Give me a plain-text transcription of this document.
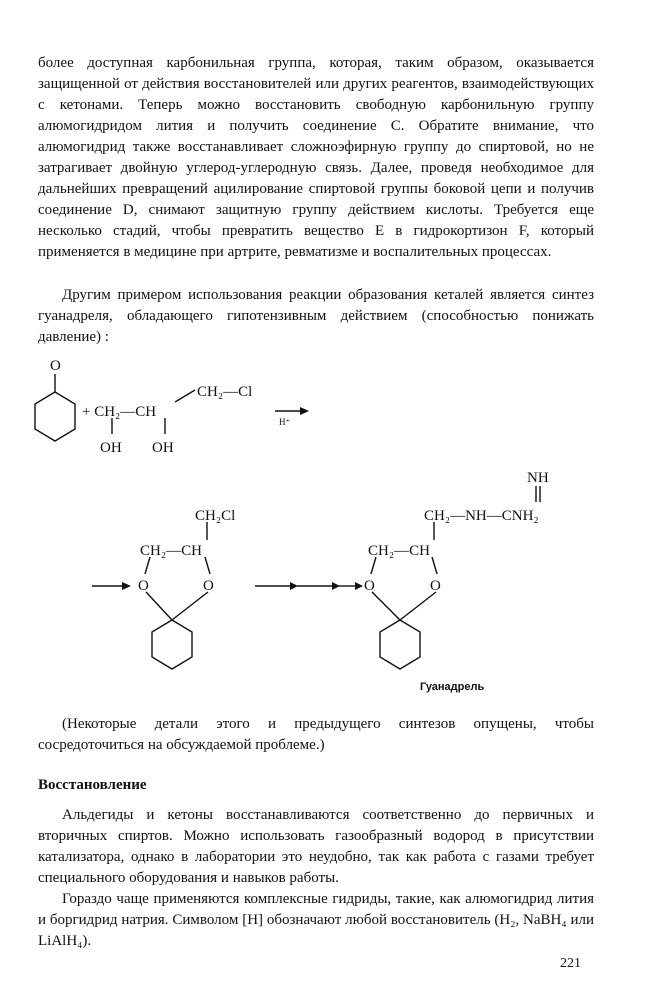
более доступная карбонильная группа, которая, таким образом, оказывается защищенной от действия восстановителей или других реагентов, взаимодействующих с кетонами. Теперь можно восстановить свободную карбонильную группу алюмогидридом лития и получить соединение С. Обратите внимание, что алюмогидрид также восстанавливает сложноэфирную группу до спиртовой, но не затрагивает двойную углерод-углеродную связь. Далее, проведя необходимое для дальнейших превращений ацилирование спиртовой группы боковой цепи и получив соединение D, снимают защитную группу действием кислоты. Требуется еще несколько стадий, чтобы превратить вещество Е в гидрокортизон F, который применяется в медицине при артрите, ревматизме и воспалительных процессах.

Другим примером использования реакции образования кеталей является синтез гуанадреля, обладающего гипотензивным действием (способностью понижать давление) :

O
+ CH₂—CH
CH₂—Cl
OH OH
CH₂Cl
CH₂—CH
O	O
NH
CH₂—NH—CNH₂
CH₂—CH
O	O
H⁺
Гуанадрель

(Некоторые детали этого и предыдущего синтезов опущены, чтобы сосредоточиться на обсуждаемой проблеме.)

Восстановление

Альдегиды и кетоны восстанавливаются соответственно до первичных и вторичных спиртов. Можно использовать газообразный водород в присутствии катализатора, однако в лаборатории это неудобно, так как работа с газами требует специального оборудования и навыков работы.

Гораздо чаще применяются комплексные гидриды, такие, как алюмогидрид лития и боргидрид натрия. Символом [H] обозначают любой восстановитель (H₂, NaBH₄ или LiAlH₄).

221
